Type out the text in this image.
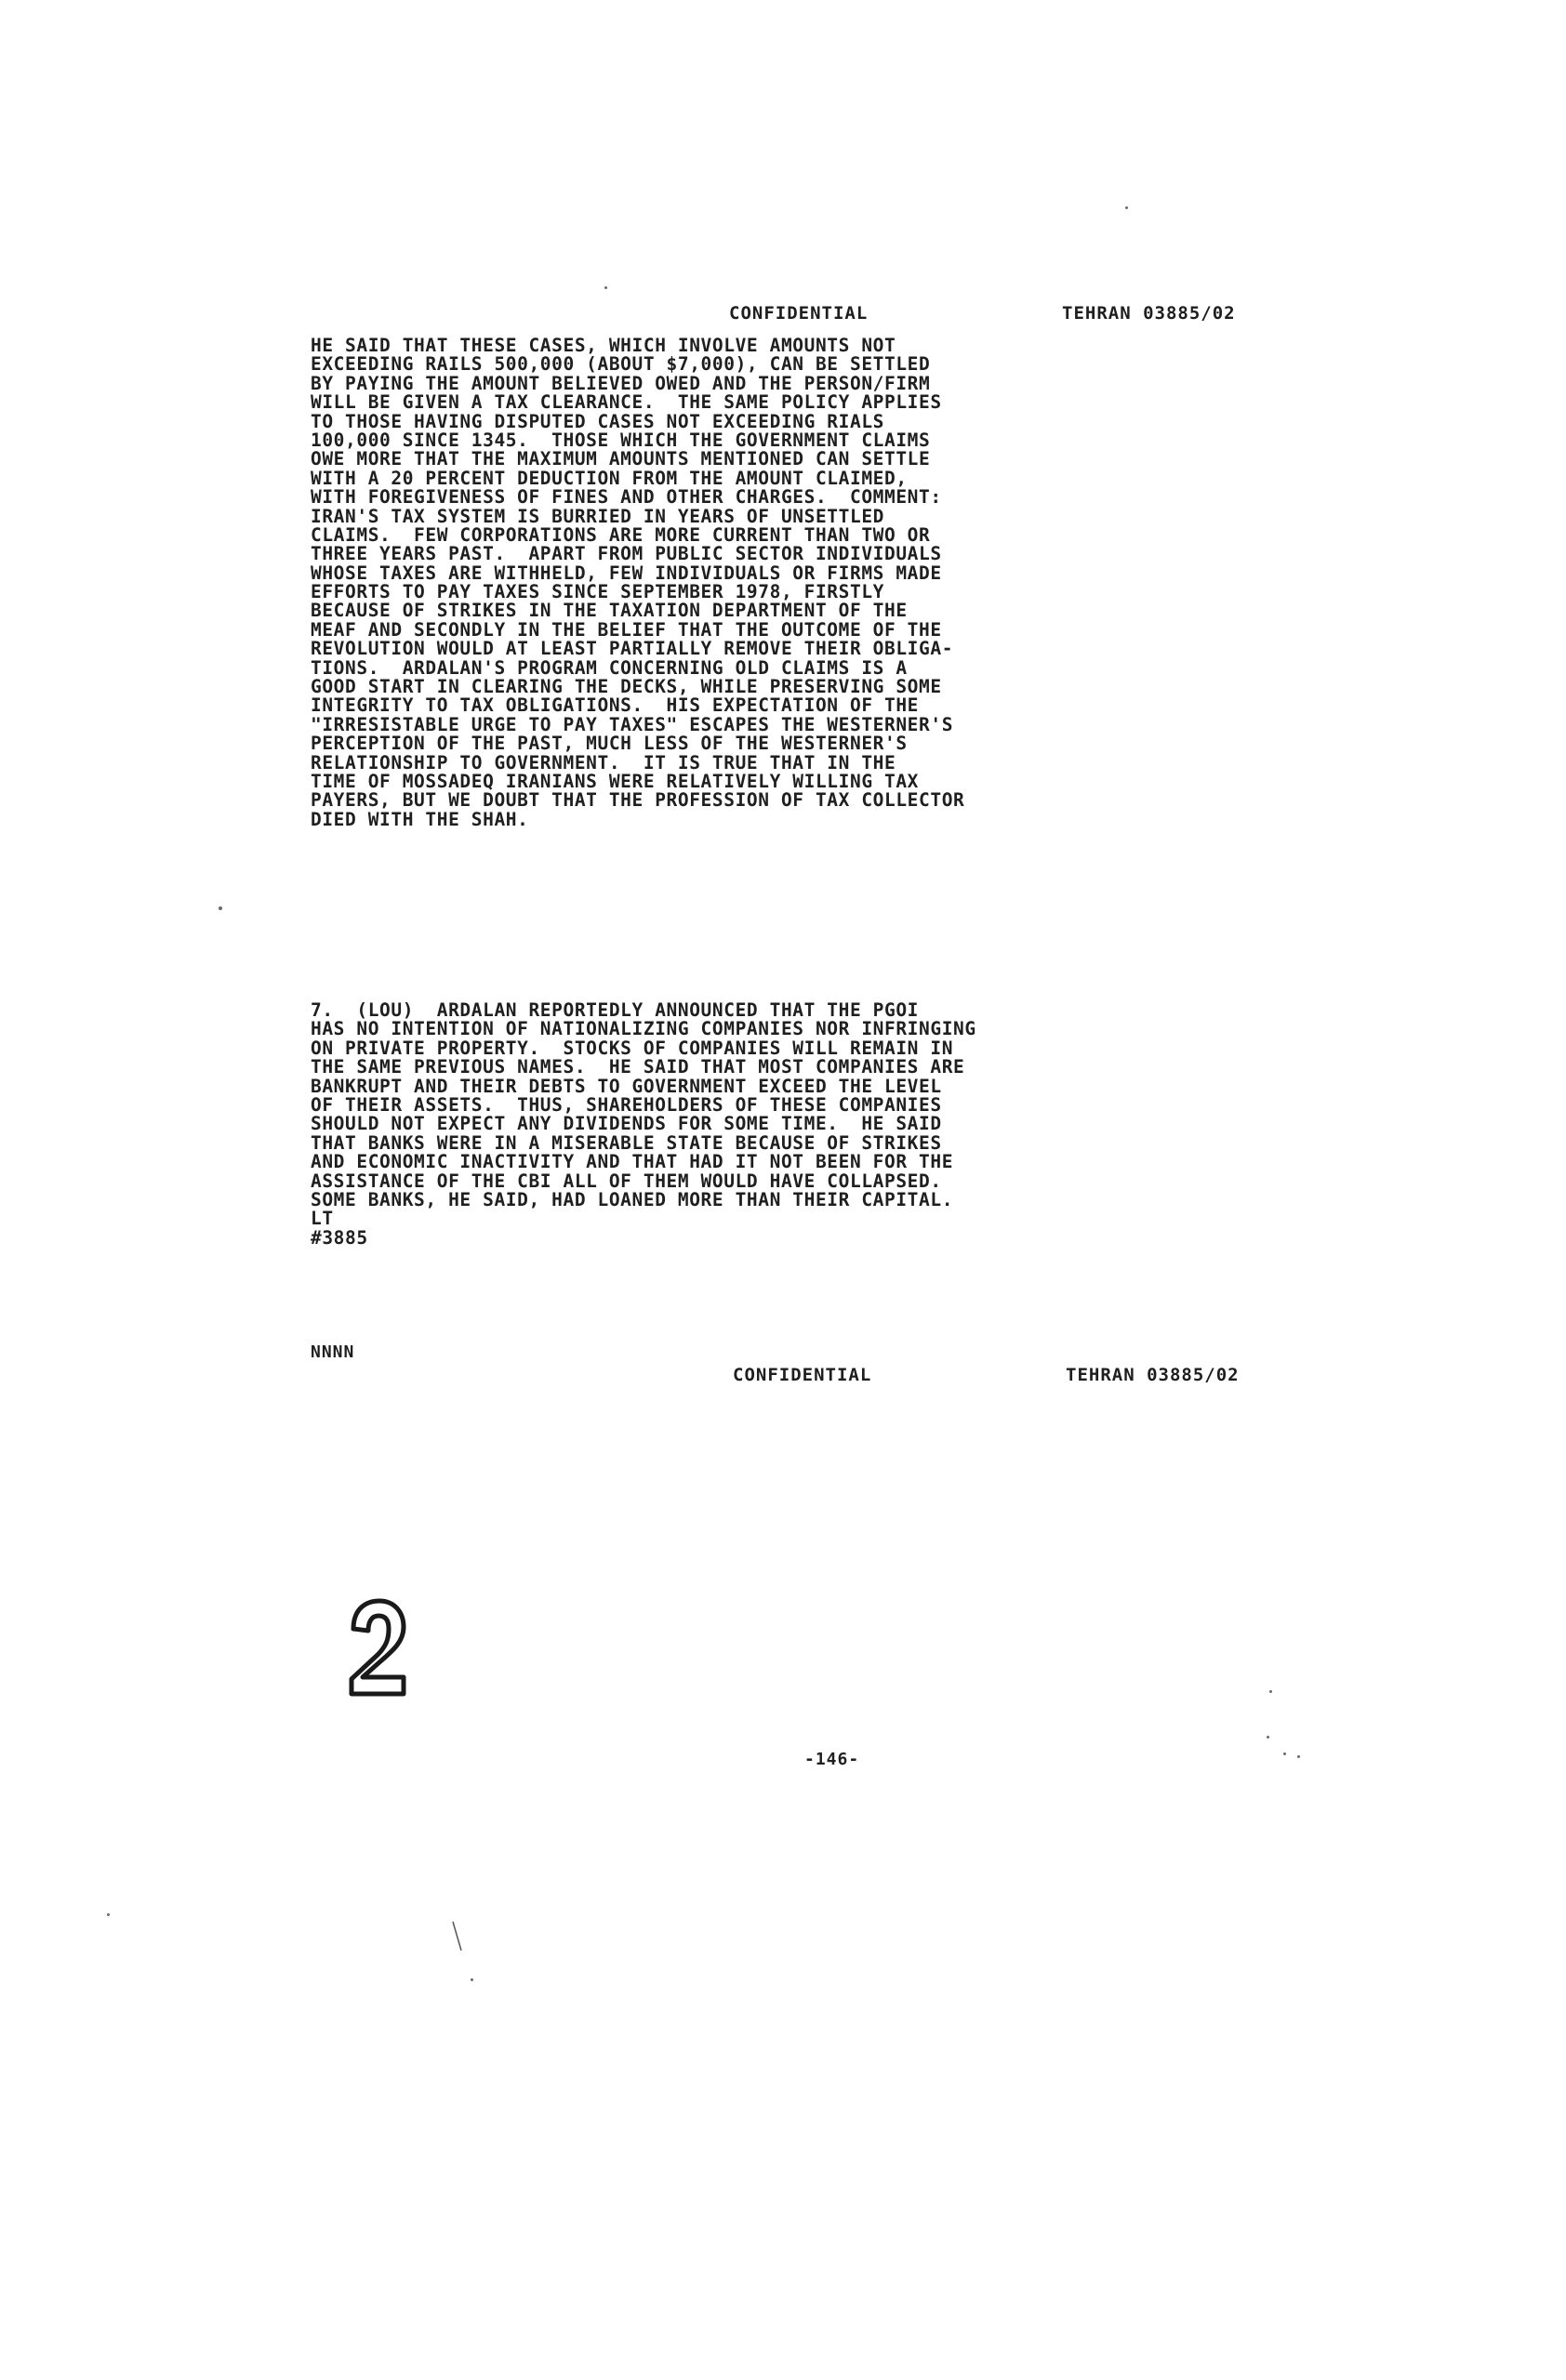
CONFIDENTIAL	TEHRAN 03885/02
HE SAID THAT THESE CASES, WHICH INVOLVE AMOUNTS NOT
EXCEEDING RAILS 500,000 (ABOUT $7,000), CAN BE SETTLED
BY PAYING THE AMOUNT BELIEVED OWED AND THE PERSON/FIRM
WILL BE GIVEN A TAX CLEARANCE.  THE SAME POLICY APPLIES
TO THOSE HAVING DISPUTED CASES NOT EXCEEDING RIALS
100,000 SINCE 1345.  THOSE WHICH THE GOVERNMENT CLAIMS
OWE MORE THAT THE MAXIMUM AMOUNTS MENTIONED CAN SETTLE
WITH A 20 PERCENT DEDUCTION FROM THE AMOUNT CLAIMED,
WITH FOREGIVENESS OF FINES AND OTHER CHARGES.  COMMENT:
IRAN'S TAX SYSTEM IS BURRIED IN YEARS OF UNSETTLED
CLAIMS.  FEW CORPORATIONS ARE MORE CURRENT THAN TWO OR
THREE YEARS PAST.  APART FROM PUBLIC SECTOR INDIVIDUALS
WHOSE TAXES ARE WITHHELD, FEW INDIVIDUALS OR FIRMS MADE
EFFORTS TO PAY TAXES SINCE SEPTEMBER 1978, FIRSTLY
BECAUSE OF STRIKES IN THE TAXATION DEPARTMENT OF THE
MEAF AND SECONDLY IN THE BELIEF THAT THE OUTCOME OF THE
REVOLUTION WOULD AT LEAST PARTIALLY REMOVE THEIR OBLIGA-
TIONS.  ARDALAN'S PROGRAM CONCERNING OLD CLAIMS IS A
GOOD START IN CLEARING THE DECKS, WHILE PRESERVING SOME
INTEGRITY TO TAX OBLIGATIONS.  HIS EXPECTATION OF THE
"IRRESISTABLE URGE TO PAY TAXES" ESCAPES THE WESTERNER'S
PERCEPTION OF THE PAST, MUCH LESS OF THE WESTERNER'S
RELATIONSHIP TO GOVERNMENT.  IT IS TRUE THAT IN THE
TIME OF MOSSADEQ IRANIANS WERE RELATIVELY WILLING TAX
PAYERS, BUT WE DOUBT THAT THE PROFESSION OF TAX COLLECTOR
DIED WITH THE SHAH.
7.  (LOU)  ARDALAN REPORTEDLY ANNOUNCED THAT THE PGOI
HAS NO INTENTION OF NATIONALIZING COMPANIES NOR INFRINGING
ON PRIVATE PROPERTY.  STOCKS OF COMPANIES WILL REMAIN IN
THE SAME PREVIOUS NAMES.  HE SAID THAT MOST COMPANIES ARE
BANKRUPT AND THEIR DEBTS TO GOVERNMENT EXCEED THE LEVEL
OF THEIR ASSETS.  THUS, SHAREHOLDERS OF THESE COMPANIES
SHOULD NOT EXPECT ANY DIVIDENDS FOR SOME TIME.  HE SAID
THAT BANKS WERE IN A MISERABLE STATE BECAUSE OF STRIKES
AND ECONOMIC INACTIVITY AND THAT HAD IT NOT BEEN FOR THE
ASSISTANCE OF THE CBI ALL OF THEM WOULD HAVE COLLAPSED.
SOME BANKS, HE SAID, HAD LOANED MORE THAN THEIR CAPITAL.
LT
#3885
NNNN
CONFIDENTIAL	TEHRAN 03885/02
-146-
